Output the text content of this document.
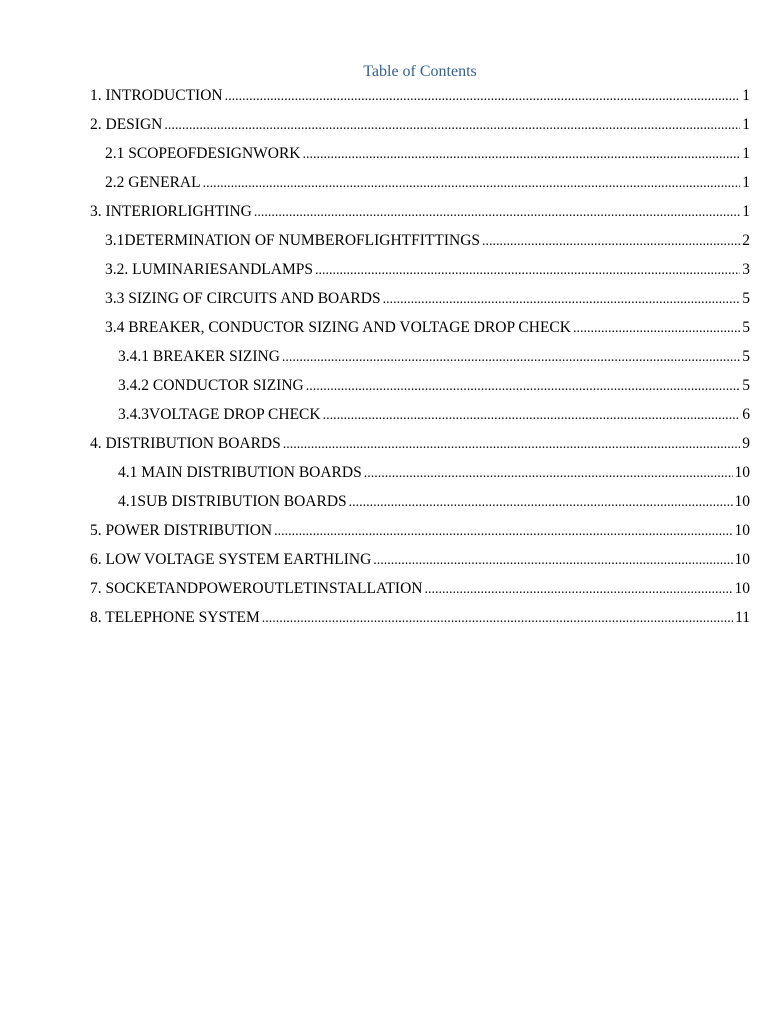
Table of Contents
1. INTRODUCTION .....	1
2. DESIGN .....	1
2.1 SCOPEOFDESIGNWORK .....	1
2.2 GENERAL .....	1
3. INTERIORLIGHTING .....	1
3.1DETERMINATION OF NUMBEROFLIGHTFITTINGS .....	2
3.2. LUMINARIESANDLAMPS .....	3
3.3 SIZING OF CIRCUITS AND BOARDS .....	5
3.4 BREAKER, CONDUCTOR SIZING AND VOLTAGE DROP CHECK .....	5
3.4.1 BREAKER SIZING .....	5
3.4.2 CONDUCTOR SIZING .....	5
3.4.3VOLTAGE DROP CHECK .....	6
4. DISTRIBUTION BOARDS .....	9
4.1 MAIN DISTRIBUTION BOARDS .....	10
4.1SUB DISTRIBUTION BOARDS .....	10
5. POWER DISTRIBUTION .....	10
6. LOW VOLTAGE SYSTEM EARTHLING .....	10
7. SOCKETANDPOWEROUTLETINSTALLATION .....	10
8. TELEPHONE SYSTEM .....	11
